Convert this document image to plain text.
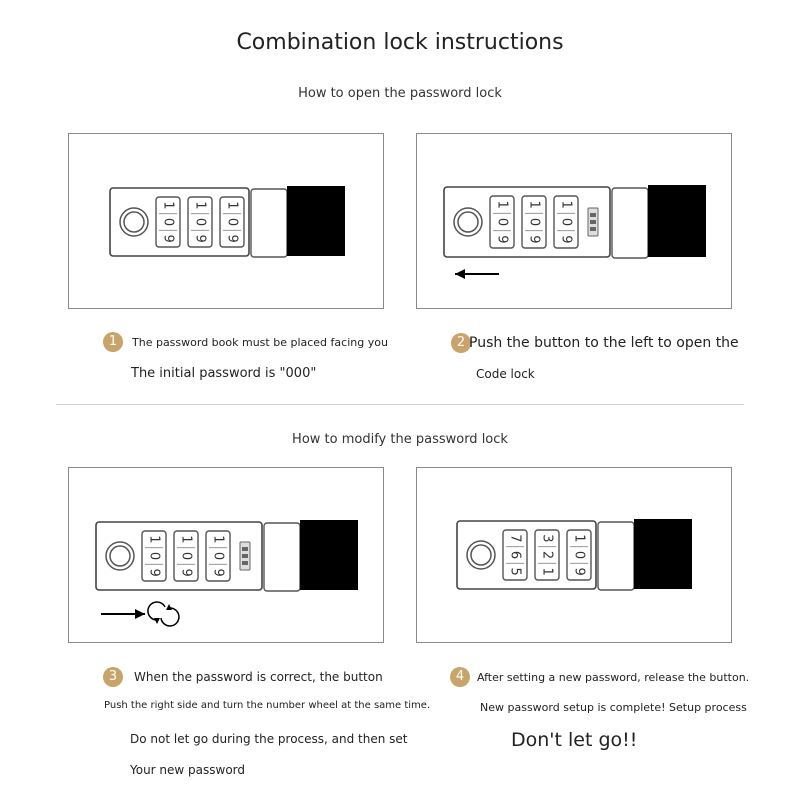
Combination lock instructions
How to open the password lock
How to modify the password lock
1
0
9
1
0
9
1
0
9
1
0
9
1
0
9
1
0
9
1
0
9
1
0
9
1
0
9
7
6
5
3
2
1
1
0
9
1	The password book must be placed facing you
The initial password is "000"
2 Push the button to the left to open the
Code lock
3	When the password is correct, the button
Push the right side and turn the number wheel at the same time.
Do not let go during the process, and then set
Your new password
4	After setting a new password, release the button.
New password setup is complete! Setup process
Don't let go!!
